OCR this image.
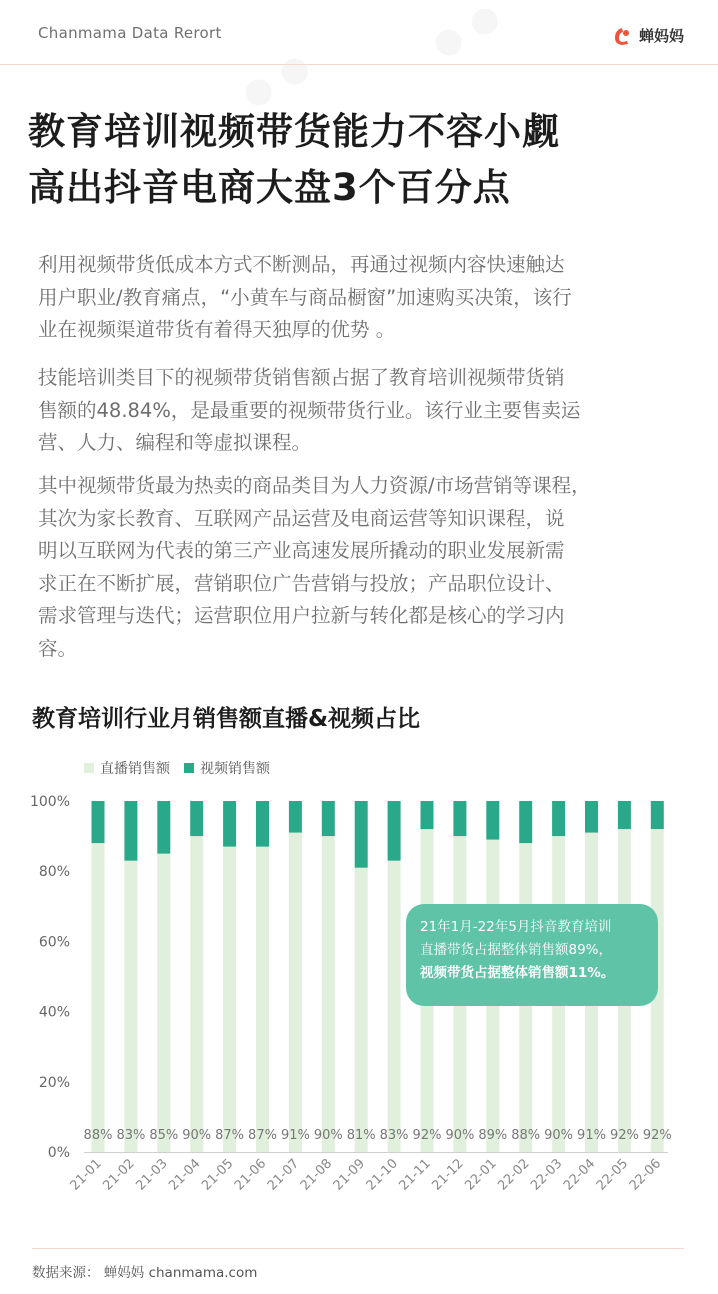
Chanmama Data Rerort	蝉妈妈
教育培训视频带货能力不容小觑
高出抖音电商大盘3个百分点
利用视频带货低成本方式不断测品，再通过视频内容快速触达
用户职业/教育痛点，“小黄车与商品橱窗”加速购买决策，该行
业在视频渠道带货有着得天独厚的优势 。
技能培训类目下的视频带货销售额占据了教育培训视频带货销
售额的48.84%，是最重要的视频带货行业。该行业主要售卖运
营、人力、编程和等虚拟课程。
其中视频带货最为热卖的商品类目为人力资源/市场营销等课程，
其次为家长教育、互联网产品运营及电商运营等知识课程，说
明以互联网为代表的第三产业高速发展所撬动的职业发展新需
求正在不断扩展，营销职位广告营销与投放；产品职位设计、
需求管理与迭代；运营职位用户拉新与转化都是核心的学习内
容。
教育培训行业月销售额直播&视频占比
直播销售额 视频销售额
0%
20%
40%
60%
80%
100%
88%
21-01
83%
21-02
85%
21-03
90%
21-04
87%
21-05
87%
21-06
91%
21-07
90%
21-08
81%
21-09
83%
21-10
92%
21-11
90%
21-12
89%
22-01
88%
22-02
90%
22-03
91%
22-04
92%
22-05
92%
22-06
21年1月-22年5月抖音教育培训
直播带货占据整体销售额89%，
视频带货占据整体销售额11%。
数据来源： 蝉妈妈 chanmama.com
